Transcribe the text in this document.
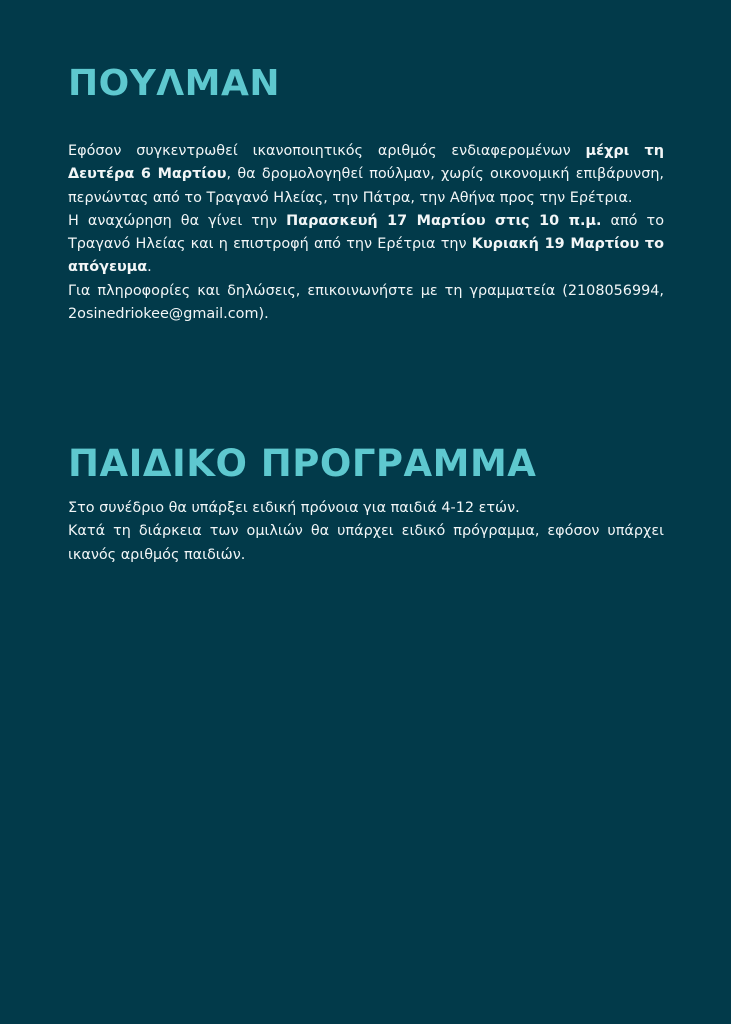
ΠΟΥΛΜΑΝ

Εφόσον συγκεντρωθεί ικανοποιητικός αριθμός ενδιαφερομένων μέχρι τη Δευτέρα 6 Μαρτίου, θα δρομολογηθεί πούλμαν, χωρίς οικονομική επιβάρυνση, περνώντας από το Τραγανό Ηλείας, την Πάτρα, την Αθήνα προς την Ερέτρια.

Η αναχώρηση θα γίνει την Παρασκευή 17 Μαρτίου στις 10 π.μ. από το Τραγανό Ηλείας και η επιστροφή από την Ερέτρια την Κυριακή 19 Μαρτίου το απόγευμα.

Για πληροφορίες και δηλώσεις, επικοινωνήστε με τη γραμματεία (2108056994, 2osinedriokee@gmail.com).

ΠΑΙΔΙΚΟ ΠΡΟΓΡΑΜΜΑ

Στο συνέδριο θα υπάρξει ειδική πρόνοια για παιδιά 4-12 ετών.

Κατά τη διάρκεια των ομιλιών θα υπάρχει ειδικό πρόγραμμα, εφόσον υπάρχει ικανός αριθμός παιδιών.
